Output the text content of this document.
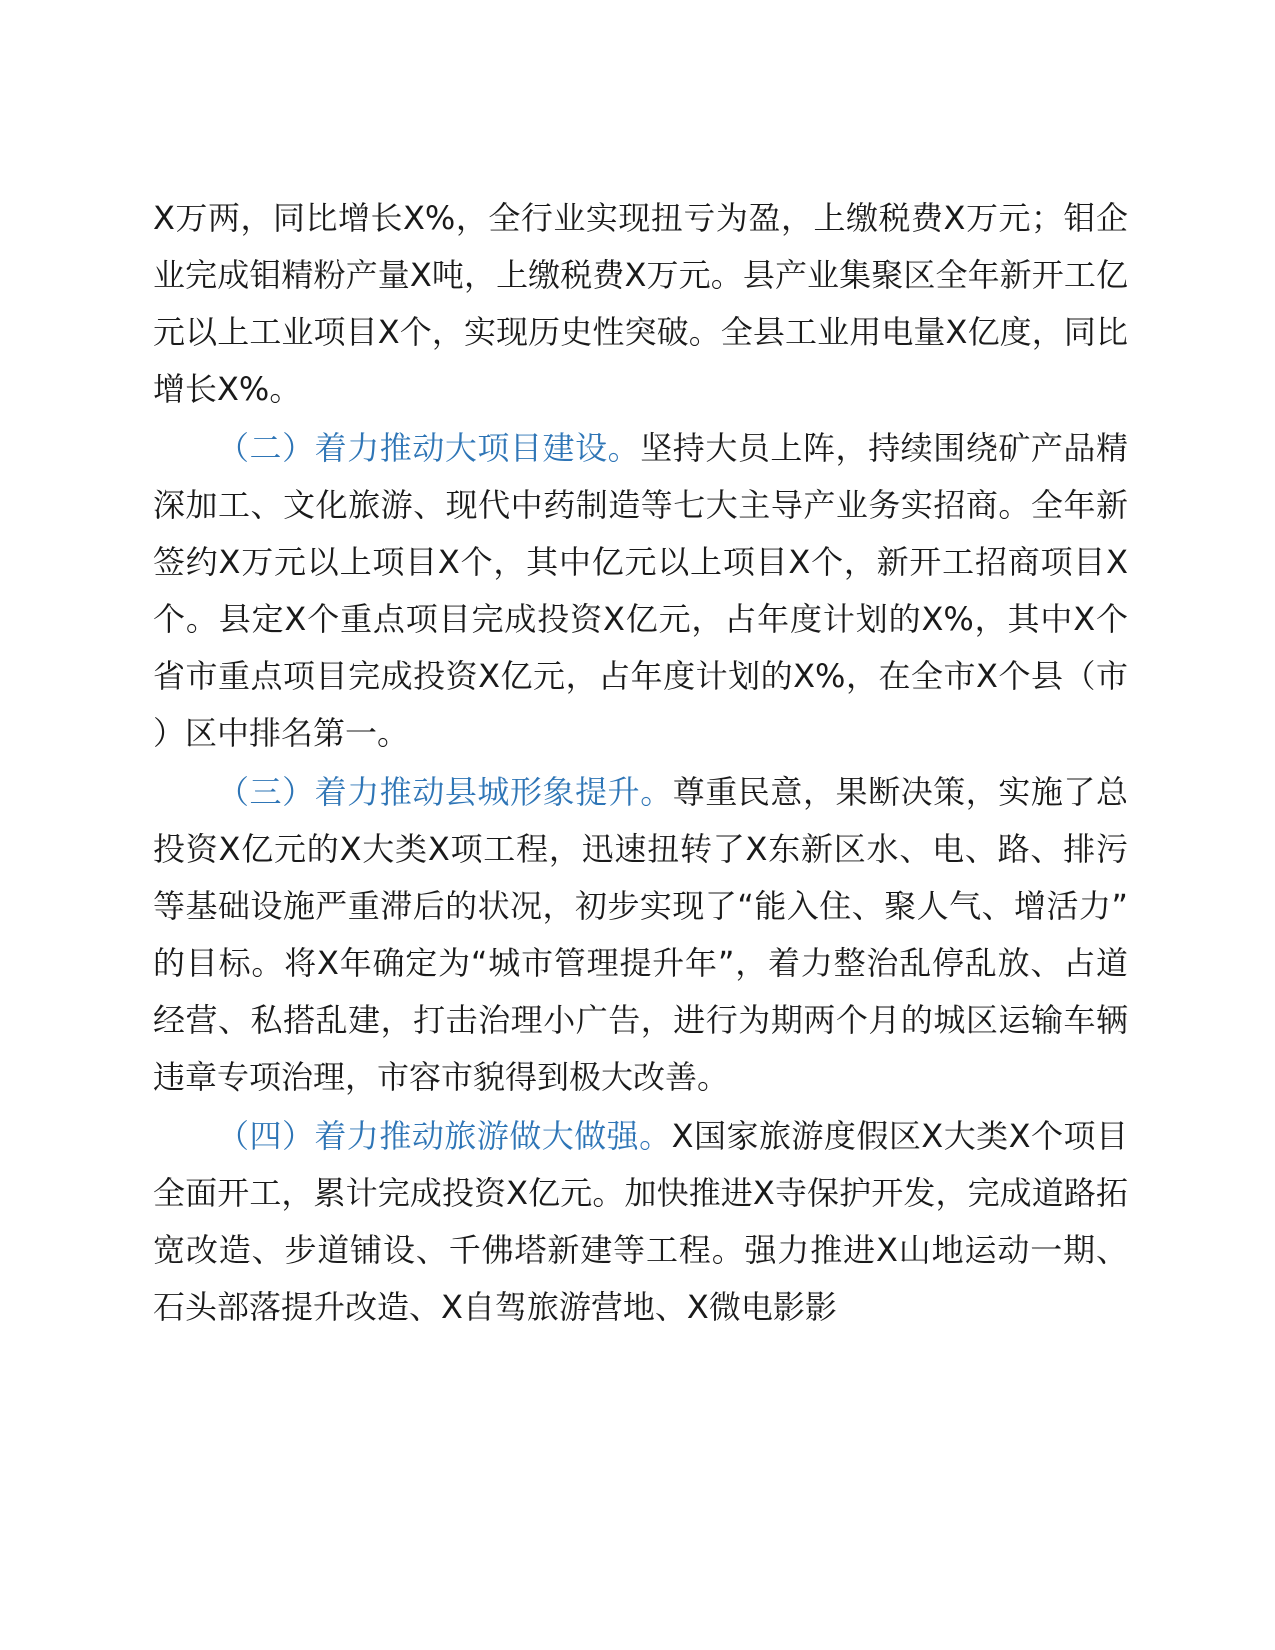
X万两，同比增长X%，全行业实现扭亏为盈，上缴税费X万元；钼企业完成钼精粉产量X吨，上缴税费X万元。县产业集聚区全年新开工亿元以上工业项目X个，实现历史性突破。全县工业用电量X亿度，同比增长X%。

（二）着力推动大项目建设。坚持大员上阵，持续围绕矿产品精深加工、文化旅游、现代中药制造等七大主导产业务实招商。全年新签约X万元以上项目X个，其中亿元以上项目X个，新开工招商项目X个。县定X个重点项目完成投资X亿元，占年度计划的X%，其中X个省市重点项目完成投资X亿元，占年度计划的X%，在全市X个县（市）区中排名第一。

（三）着力推动县城形象提升。尊重民意，果断决策，实施了总投资X亿元的X大类X项工程，迅速扭转了X东新区水、电、路、排污等基础设施严重滞后的状况，初步实现了“能入住、聚人气、增活力”的目标。将X年确定为“城市管理提升年”，着力整治乱停乱放、占道经营、私搭乱建，打击治理小广告，进行为期两个月的城区运输车辆违章专项治理，市容市貌得到极大改善。

（四）着力推动旅游做大做强。X国家旅游度假区X大类X个项目全面开工，累计完成投资X亿元。加快推进X寺保护开发，完成道路拓宽改造、步道铺设、千佛塔新建等工程。强力推进X山地运动一期、石头部落提升改造、X自驾旅游营地、X微电影影
